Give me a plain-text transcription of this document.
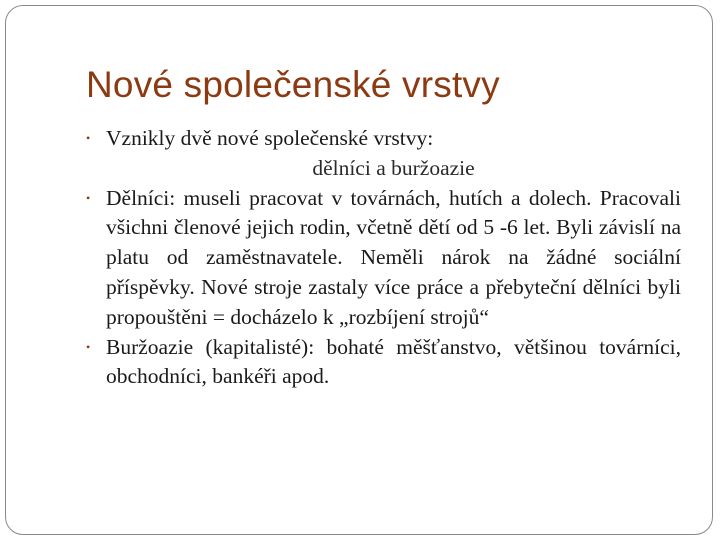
Nové společenské vrstvy
• Vznikly dvě nové společenské vrstvy:
dělníci a buržoazie
• Dělníci: museli pracovat v továrnách, hutích a dolech. Pracovali všichni členové jejich rodin, včetně dětí od 5 -6 let. Byli závislí na platu od zaměstnavatele. Neměli nárok na žádné sociální příspěvky. Nové stroje zastaly více práce a přebyteční dělníci byli propouštěni = docházelo k „rozbíjení strojů“
• Buržoazie (kapitalisté): bohaté měšťanstvo, většinou továrníci, obchodníci, bankéři apod.
